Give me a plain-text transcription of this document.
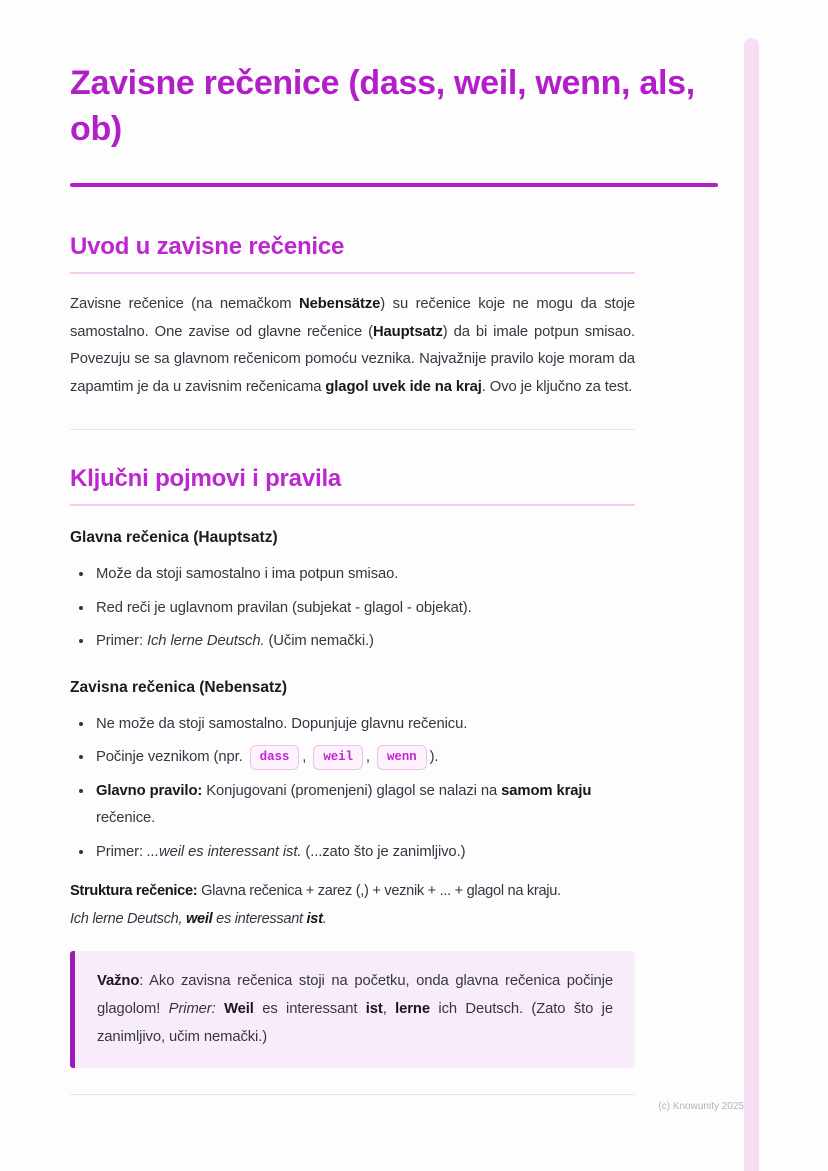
Zavisne rečenice (dass, weil, wenn, als, ob)
Uvod u zavisne rečenice

Zavisne rečenice (na nemačkom Nebensätze) su rečenice koje ne mogu da stoje samostalno. One zavise od glavne rečenice (Hauptsatz) da bi imale potpun smisao. Povezuju se sa glavnom rečenicom pomoću veznika. Najvažnije pravilo koje moram da zapamtim je da u zavisnim rečenicama glagol uvek ide na kraj. Ovo je ključno za test.

Ključni pojmovi i pravila
Glavna rečenica (Hauptsatz)
• Može da stoji samostalno i ima potpun smisao.
• Red reči je uglavnom pravilan (subjekat - glagol - objekat).
• Primer: Ich lerne Deutsch. (Učim nemački.)
Zavisna rečenica (Nebensatz)
• Ne može da stoji samostalno. Dopunjuje glavnu rečenicu.
• Počinje veznikom (npr. dass , weil , wenn ).
• Glavno pravilo: Konjugovani (promenjeni) glagol se nalazi na samom kraju rečenice.
• Primer: ...weil es interessant ist. (...zato što je zanimljivo.)

Struktura rečenice: Glavna rečenica + zarez (,) + veznik + ... + glagol na kraju.
Ich lerne Deutsch, weil es interessant ist.

Važno: Ako zavisna rečenica stoji na početku, onda glavna rečenica počinje glagolom! Primer: Weil es interessant ist, lerne ich Deutsch. (Zato što je zanimljivo, učim nemački.)

(c) Knowunity 2025
